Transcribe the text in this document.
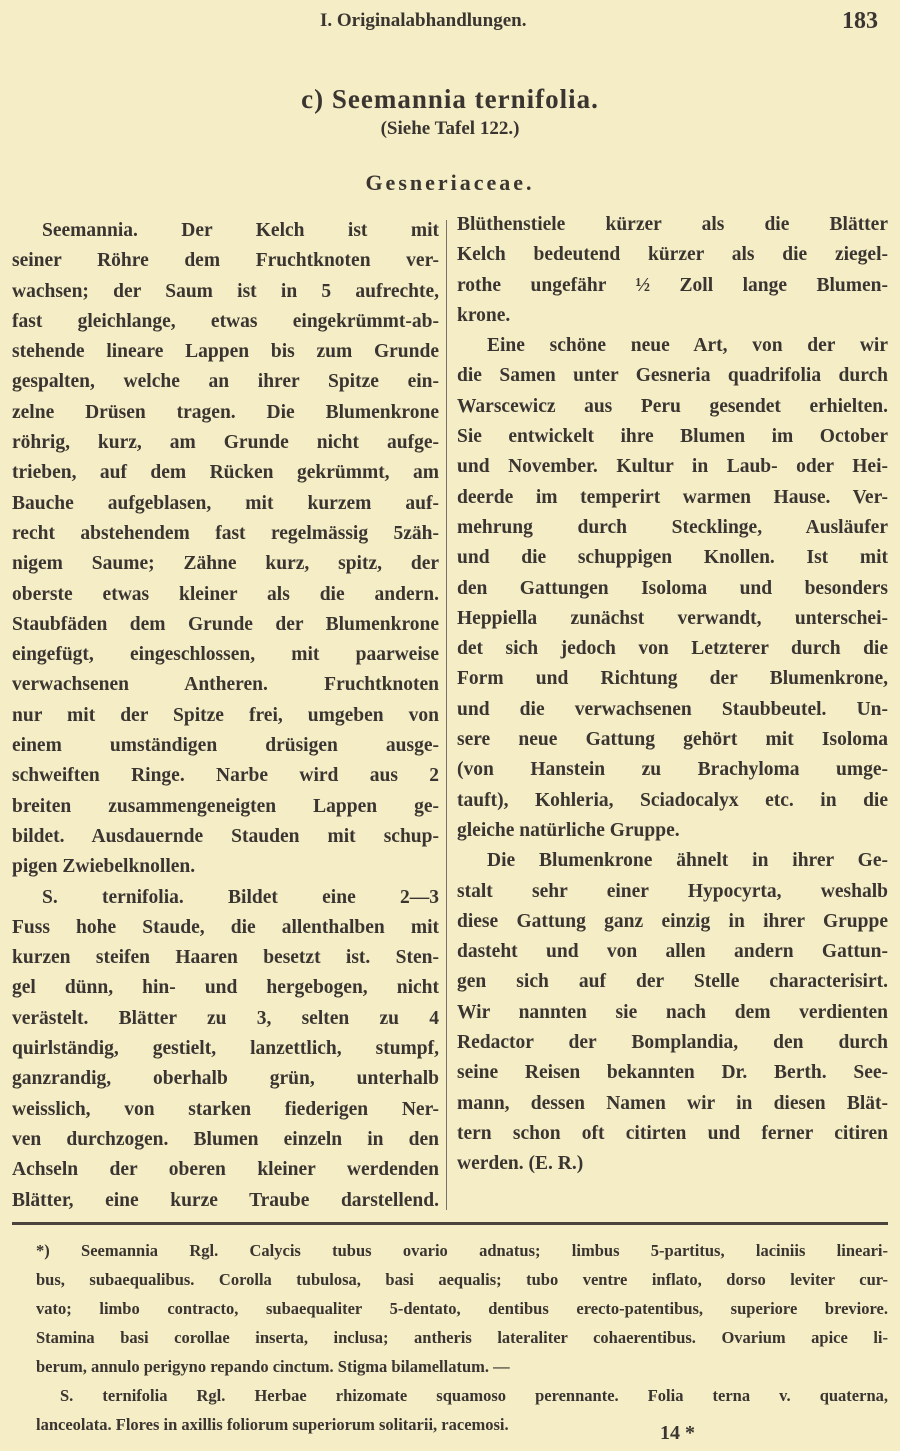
I. Originalabhandlungen.	183
c) Seemannia ternifolia.
(Siehe Tafel 122.)
Gesneriaceae.
Seemannia. Der Kelch ist mit
seiner Röhre dem Fruchtknoten ver-
wachsen; der Saum ist in 5 aufrechte,
fast gleichlange, etwas eingekrümmt-ab-
stehende lineare Lappen bis zum Grunde
gespalten, welche an ihrer Spitze ein-
zelne Drüsen tragen. Die Blumenkrone
röhrig, kurz, am Grunde nicht aufge-
trieben, auf dem Rücken gekrümmt, am
Bauche aufgeblasen, mit kurzem auf-
recht abstehendem fast regelmässig 5zäh-
nigem Saume; Zähne kurz, spitz, der
oberste etwas kleiner als die andern.
Staubfäden dem Grunde der Blumenkrone
eingefügt, eingeschlossen, mit paarweise
verwachsenen Antheren. Fruchtknoten
nur mit der Spitze frei, umgeben von
einem umständigen drüsigen ausge-
schweiften Ringe. Narbe wird aus 2
breiten zusammengeneigten Lappen ge-
bildet. Ausdauernde Stauden mit schup-
pigen Zwiebelknollen.
S. ternifolia. Bildet eine 2—3
Fuss hohe Staude, die allenthalben mit
kurzen steifen Haaren besetzt ist. Sten-
gel dünn, hin- und hergebogen, nicht
verästelt. Blätter zu 3, selten zu 4
quirlständig, gestielt, lanzettlich, stumpf,
ganzrandig, oberhalb grün, unterhalb
weisslich, von starken fiederigen Ner-
ven durchzogen. Blumen einzeln in den
Achseln der oberen kleiner werdenden
Blätter, eine kurze Traube darstellend.
Blüthenstiele kürzer als die Blätter
Kelch bedeutend kürzer als die ziegel-
rothe ungefähr ½ Zoll lange Blumen-
krone.
Eine schöne neue Art, von der wir
die Samen unter Gesneria quadrifolia durch
Warscewicz aus Peru gesendet erhielten.
Sie entwickelt ihre Blumen im October
und November. Kultur in Laub- oder Hei-
deerde im temperirt warmen Hause. Ver-
mehrung durch Stecklinge, Ausläufer
und die schuppigen Knollen. Ist mit
den Gattungen Isoloma und besonders
Heppiella zunächst verwandt, unterschei-
det sich jedoch von Letzterer durch die
Form und Richtung der Blumenkrone,
und die verwachsenen Staubbeutel. Un-
sere neue Gattung gehört mit Isoloma
(von Hanstein zu Brachyloma umge-
tauft), Kohleria, Sciadocalyx etc. in die
gleiche natürliche Gruppe.
Die Blumenkrone ähnelt in ihrer Ge-
stalt sehr einer Hypocyrta, weshalb
diese Gattung ganz einzig in ihrer Gruppe
dasteht und von allen andern Gattun-
gen sich auf der Stelle characterisirt.
Wir nannten sie nach dem verdienten
Redactor der Bomplandia, den durch
seine Reisen bekannten Dr. Berth. See-
mann, dessen Namen wir in diesen Blät-
tern schon oft citirten und ferner citiren
werden. (E. R.)
*) Seemannia Rgl. Calycis tubus ovario adnatus; limbus 5-partitus, laciniis lineari-
bus, subaequalibus. Corolla tubulosa, basi aequalis; tubo ventre inflato, dorso leviter cur-
vato; limbo contracto, subaequaliter 5-dentato, dentibus erecto-patentibus, superiore breviore.
Stamina basi corollae inserta, inclusa; antheris lateraliter cohaerentibus. Ovarium apice li-
berum, annulo perigyno repando cinctum. Stigma bilamellatum. —
S. ternifolia Rgl. Herbae rhizomate squamoso perennante. Folia terna v. quaterna,
lanceolata. Flores in axillis foliorum superiorum solitarii, racemosi.	14 *
